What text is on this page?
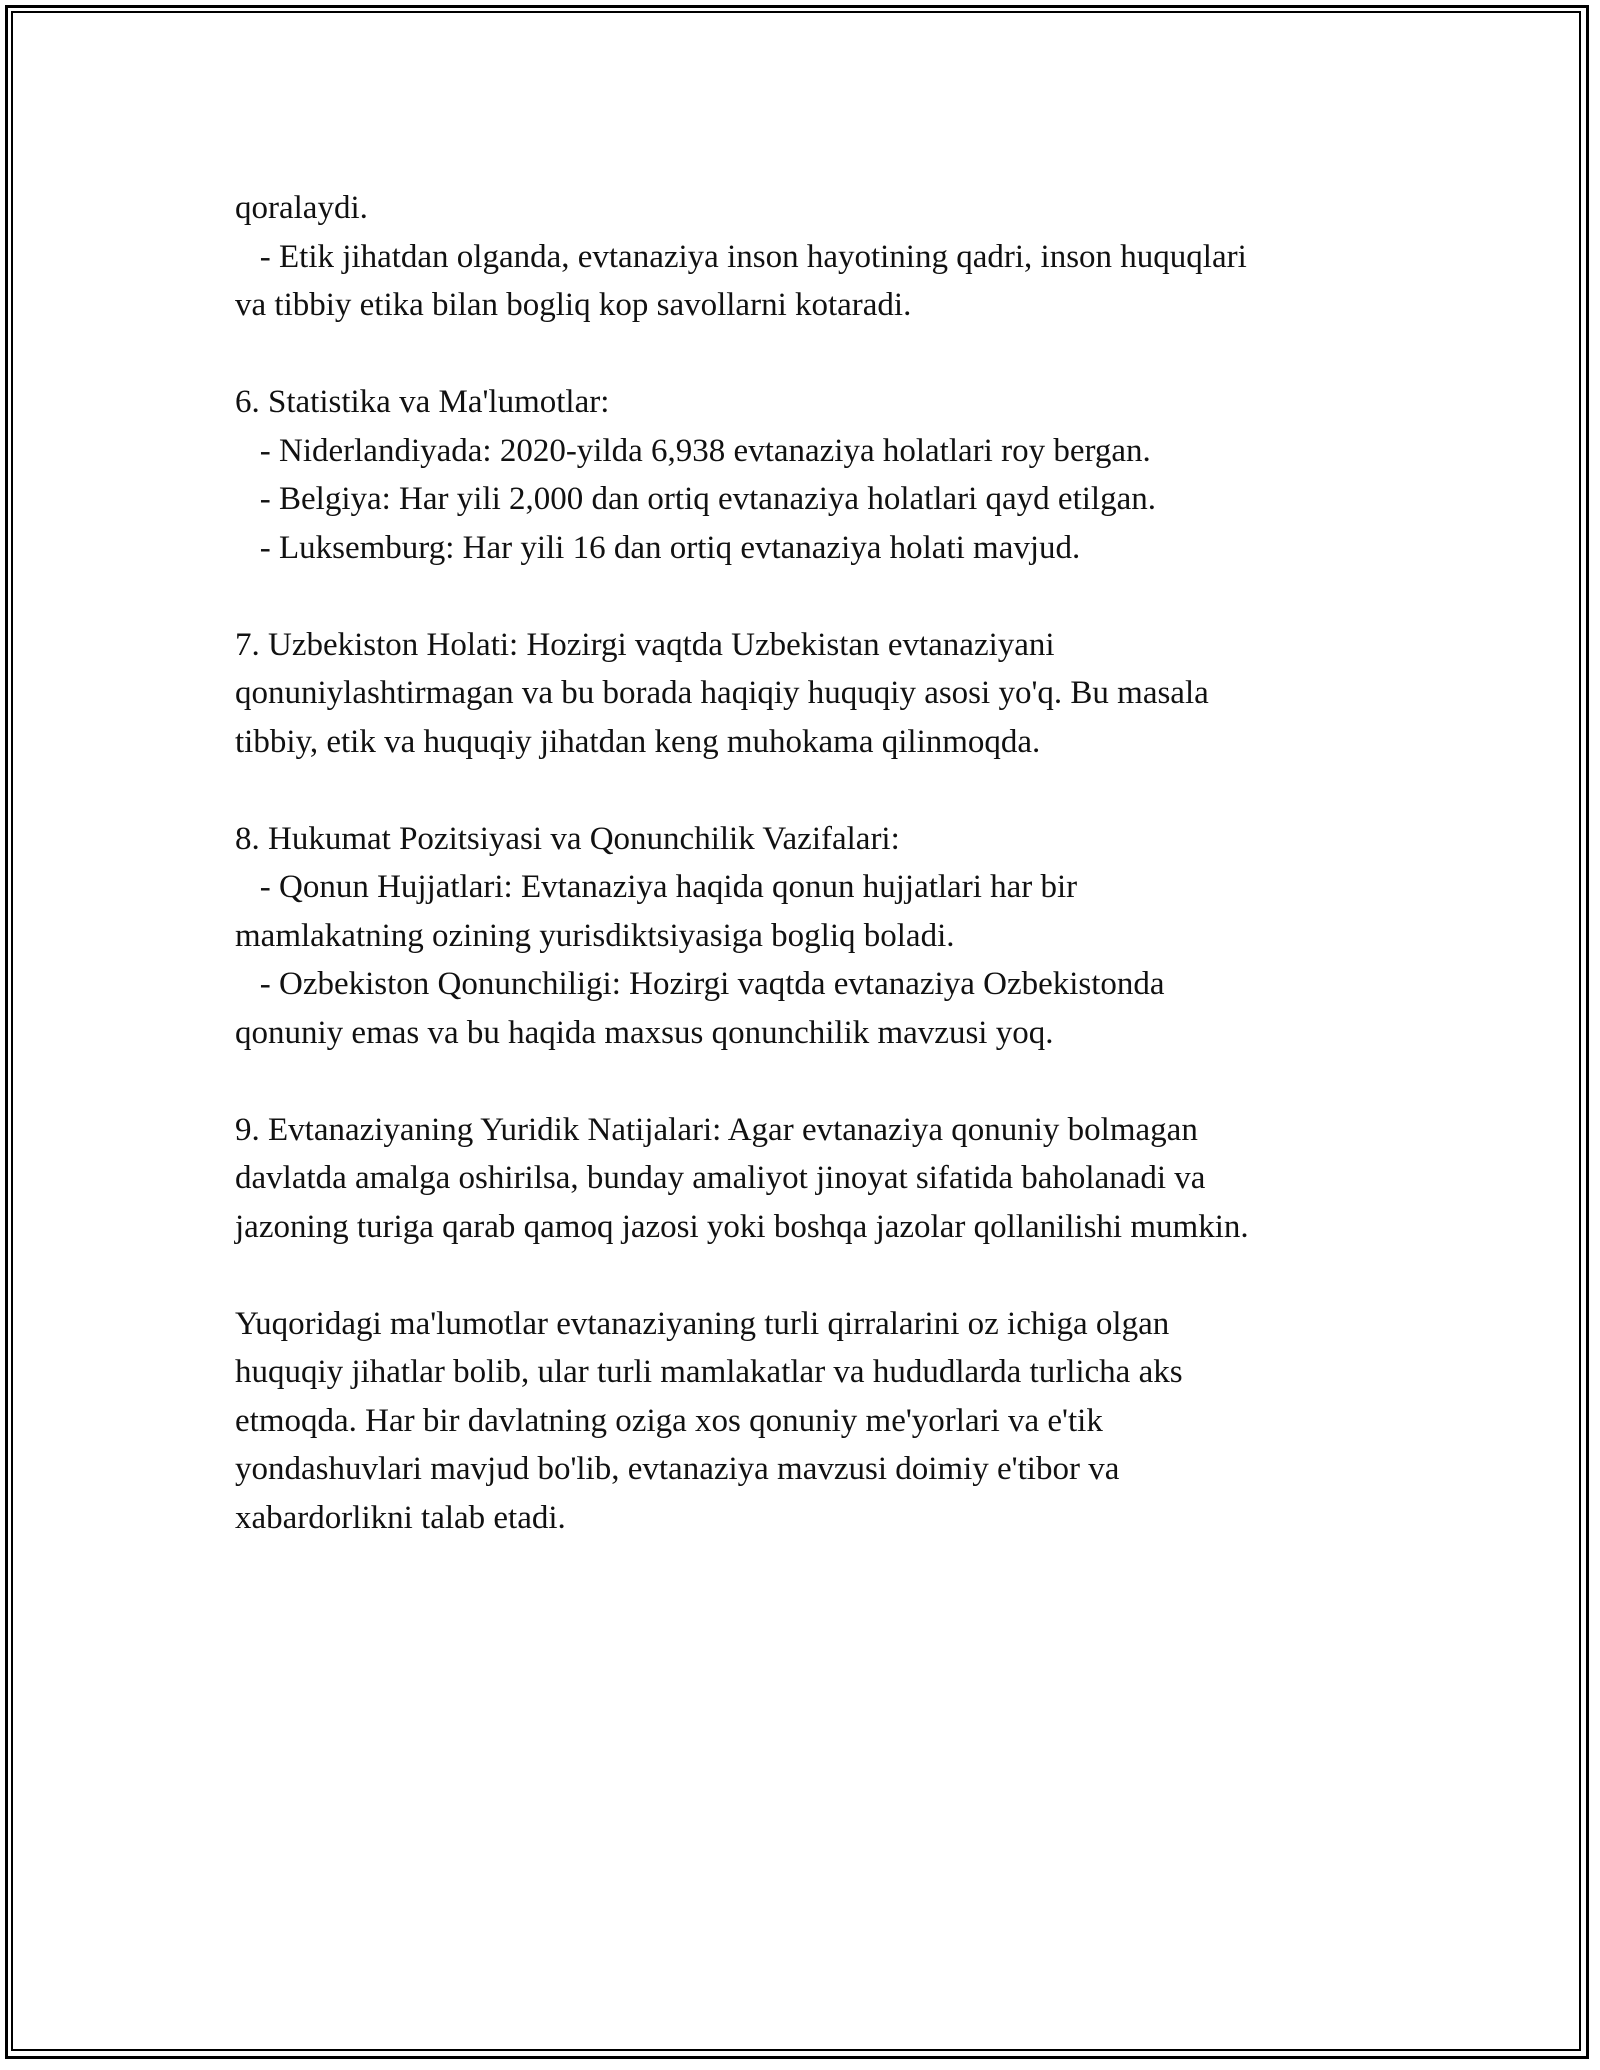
qoralaydi.

- Etik jihatdan olganda, evtanaziya inson hayotining qadri, inson huquqlari

va tibbiy etika bilan bogliq kop savollarni kotaradi.

6. Statistika va Ma'lumotlar:

- Niderlandiyada: 2020-yilda 6,938 evtanaziya holatlari roy bergan.

- Belgiya: Har yili 2,000 dan ortiq evtanaziya holatlari qayd etilgan.

- Luksemburg: Har yili 16 dan ortiq evtanaziya holati mavjud.

7. Uzbekiston Holati: Hozirgi vaqtda Uzbekistan evtanaziyani

qonuniylashtirmagan va bu borada haqiqiy huquqiy asosi yo'q. Bu masala

tibbiy, etik va huquqiy jihatdan keng muhokama qilinmoqda.

8. Hukumat Pozitsiyasi va Qonunchilik Vazifalari:

- Qonun Hujjatlari: Evtanaziya haqida qonun hujjatlari har bir

mamlakatning ozining yurisdiktsiyasiga bogliq boladi.

- Ozbekiston Qonunchiligi: Hozirgi vaqtda evtanaziya Ozbekistonda

qonuniy emas va bu haqida maxsus qonunchilik mavzusi yoq.

9. Evtanaziyaning Yuridik Natijalari: Agar evtanaziya qonuniy bolmagan

davlatda amalga oshirilsa, bunday amaliyot jinoyat sifatida baholanadi va

jazoning turiga qarab qamoq jazosi yoki boshqa jazolar qollanilishi mumkin.

Yuqoridagi ma'lumotlar evtanaziyaning turli qirralarini oz ichiga olgan

huquqiy jihatlar bolib, ular turli mamlakatlar va hududlarda turlicha aks

etmoqda. Har bir davlatning oziga xos qonuniy me'yorlari va e'tik

yondashuvlari mavjud bo'lib, evtanaziya mavzusi doimiy e'tibor va

xabardorlikni talab etadi.
